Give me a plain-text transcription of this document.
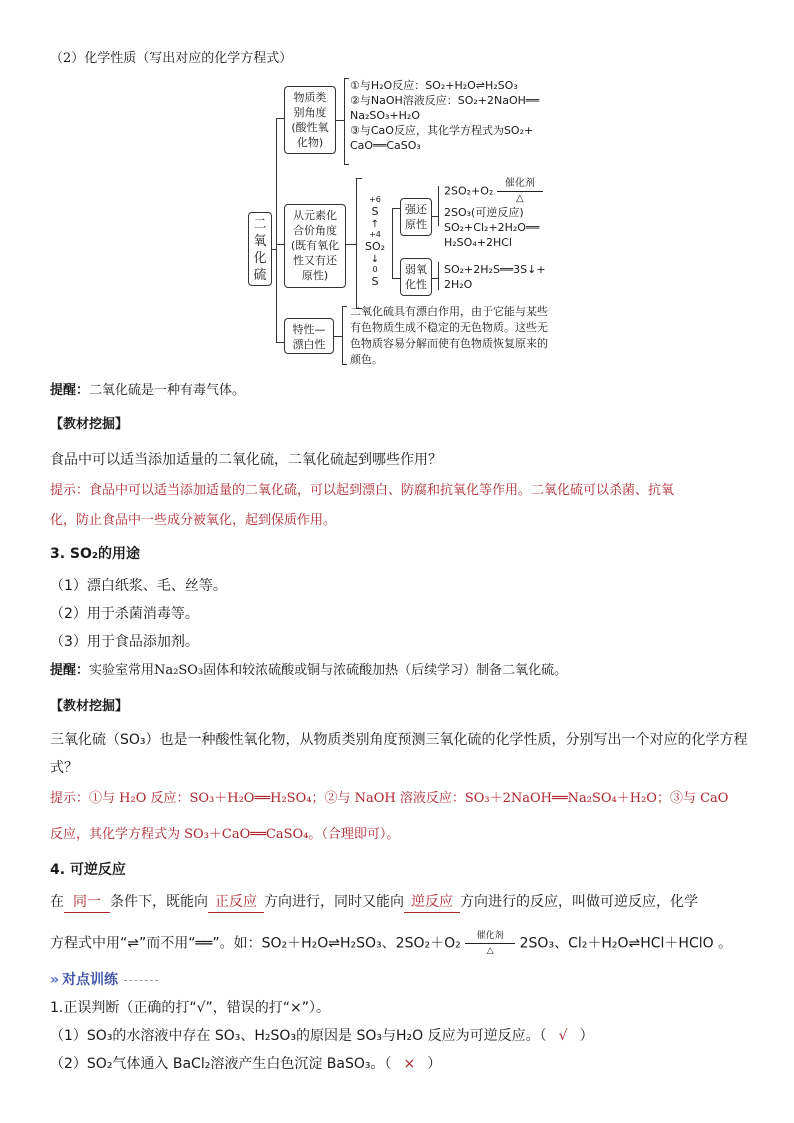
（2）化学性质（写出对应的化学方程式）
二氧化硫
物质类别角度(酸性氧化物)
①与H₂O反应：SO₂+H₂O⇌H₂SO₃
②与NaOH溶液反应：SO₂+2NaOH══
Na₂SO₃+H₂O
③与CaO反应，其化学方程式为SO₂+
CaO══CaSO₃
从元素化合价角度(既有氧化性又有还原性)
+6
S
↑
+4
SO₂
↓
0
S
强还原性
弱氧化性
2SO₂+O₂ 催化剂
△
2SO₃(可逆反应)
SO₂+Cl₂+2H₂O══
H₂SO₄+2HCl
SO₂+2H₂S══3S↓+
2H₂O
特性—漂白性
二氧化硫具有漂白作用，由于它能与某些有色物质生成不稳定的无色物质。这些无色物质容易分解而使有色物质恢复原来的颜色。
提醒：二氧化硫是一种有毒气体。
【教材挖掘】
食品中可以适当添加适量的二氧化硫，二氧化硫起到哪些作用？
提示：食品中可以适当添加适量的二氧化硫，可以起到漂白、防腐和抗氧化等作用。二氧化硫可以杀菌、抗氧
化，防止食品中一些成分被氧化，起到保质作用。
3. SO₂的用途
（1）漂白纸浆、毛、丝等。
（2）用于杀菌消毒等。
（3）用于食品添加剂。
提醒：实验室常用Na₂SO₃固体和较浓硫酸或铜与浓硫酸加热（后续学习）制备二氧化硫。
【教材挖掘】
三氧化硫（SO₃）也是一种酸性氧化物，从物质类别角度预测三氧化硫的化学性质，分别写出一个对应的化学方程
式？
提示：①与 H₂O 反应：SO₃＋H₂O══H₂SO₄；②与 NaOH 溶液反应：SO₃＋2NaOH══Na₂SO₄＋H₂O；③与 CaO
反应，其化学方程式为 SO₃＋CaO══CaSO₄。（合理即可）。
4. 可逆反应
在 同一 条件下，既能向 正反应 方向进行，同时又能向 逆反应 方向进行的反应，叫做可逆反应，化学
方程式中用“⇌”而不用“══”。如：SO₂＋H₂O⇌H₂SO₃、2SO₂＋O₂ 催化剂
△ 2SO₃、Cl₂＋H₂O⇌HCl＋HClO 。
» 对点训练
1.正误判断（正确的打“√”，错误的打“×”）。
（1）SO₃的水溶液中存在 SO₃、H₂SO₃的原因是 SO₃与H₂O 反应为可逆反应。（ √ ）
（2）SO₂气体通入 BaCl₂溶液产生白色沉淀 BaSO₃。（ × ）
